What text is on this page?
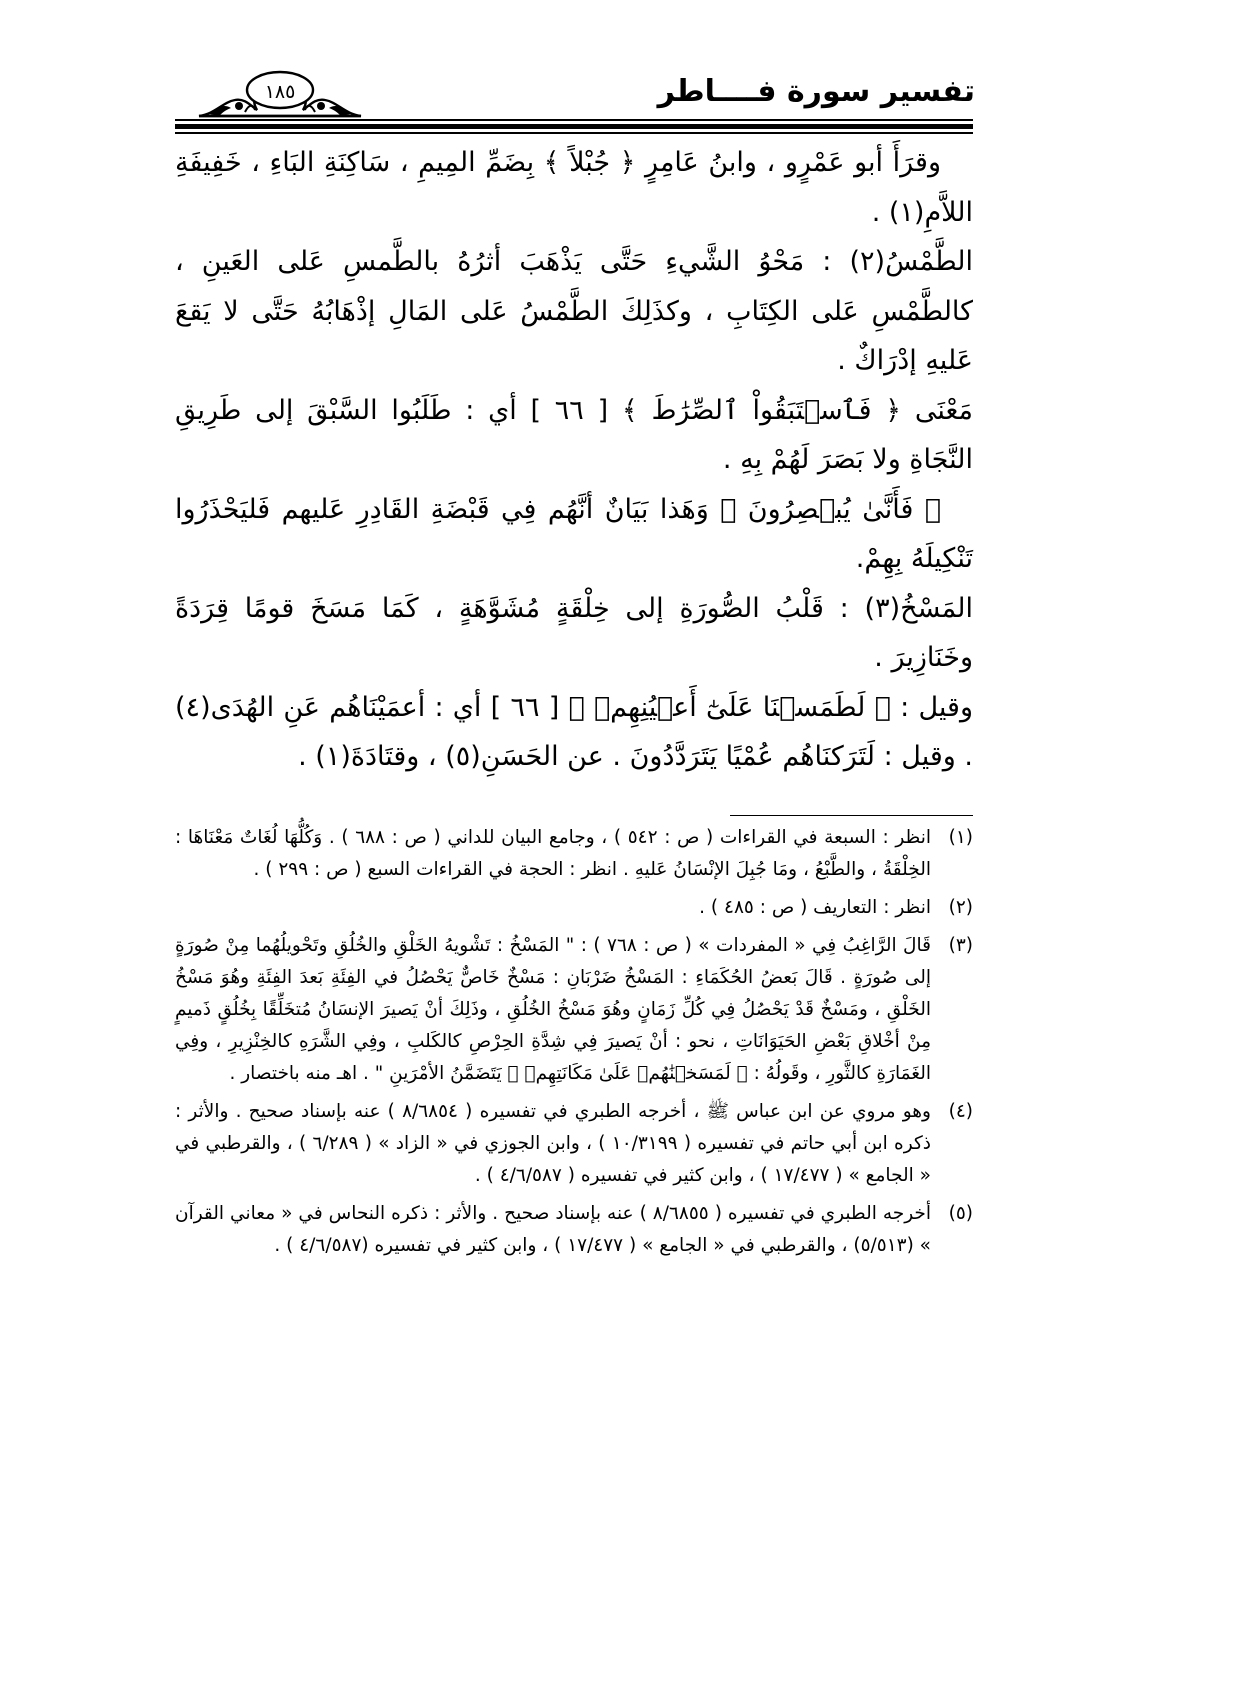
تفسير سورة فــــاطر
١٨٥

وقرَأَ أبو عَمْرٍو ، وابنُ عَامِرٍ ﴿ جُبْلاً ﴾ بِضَمِّ المِيمِ ، سَاكِنَةِ البَاءِ ، خَفِيفَةِ اللاَّمِ(١) .

الطَّمْسُ(٢) : مَحْوُ الشَّيءِ حَتَّى يَذْهَبَ أثرُهُ بالطَّمسِ عَلى العَينِ ، كالطَّمْسِ عَلى الكِتَابِ ، وكذَلِكَ الطَّمْسُ عَلى المَالِ إذْهَابُهُ حَتَّى لا يَقعَ عَليهِ إدْرَاكٌ .

مَعْنَى ﴿ فَٱسۡتَبَقُواْ ٱلصِّرَٰطَ ﴾ [ ٦٦ ] أي : طَلَبُوا السَّبْقَ إلى طَرِيقِ النَّجَاةِ ولا بَصَرَ لَهُمْ بِهِ .

﴿ فَأَنَّىٰ يُبۡصِرُونَ ﴾ وَهَذا بَيَانٌ أنَّهُم فِي قَبْضَةِ القَادِرِ عَليهم فَليَحْذَرُوا تَنْكِيلَهُ بِهِمْ.

المَسْخُ(٣) : قَلْبُ الصُّورَةِ إلى خِلْقَةٍ مُشَوَّهَةٍ ، كَمَا مَسَخَ قومًا قِرَدَةً وخَنَازِيرَ .

وقيل : ﴿ لَطَمَسۡنَا عَلَىٰٓ أَعۡيُنِهِمۡ ﴾ [ ٦٦ ] أي : أعمَيْنَاهُم عَنِ الهُدَى(٤) . وقيل : لَتَرَكنَاهُم عُمْيًا يَتَرَدَّدُونَ . عن الحَسَنِ(٥) ، وقتَادَةَ(١) .

(١)
انظر : السبعة في القراءات ( ص : ٥٤٢ ) ، وجامع البيان للداني ( ص : ٦٨٨ ) . وَكُلُّهَا لُغَاتٌ مَعْنَاهَا : الخِلْقَةُ ، والطَّبْعُ ، ومَا جُبِلَ الإنْسَانُ عَليهِ . انظر : الحجة في القراءات السبع ( ص : ٢٩٩ ) .
(٢)
انظر : التعاريف ( ص : ٤٨٥ ) .
(٣)
قَالَ الرَّاغِبُ فِي « المفردات » ( ص : ٧٦٨ ) : " المَسْخُ : تَشْويهُ الخَلْقِ والخُلُقِ وتَحْويلُهُما مِنْ صُورَةٍ إلى صُورَةٍ . قَالَ بَعضُ الحُكَمَاءِ : المَسْخُ ضَرْبَانِ : مَسْخٌ خَاصٌّ يَحْصُلُ في الفِئَةِ بَعدَ الفِئَةِ وهُوَ مَسْخُ الخَلْقِ ، ومَسْخٌ قَدْ يَحْصُلُ فِي كُلِّ زَمَانٍ وهُوَ مَسْخُ الخُلُقِ ، وذَلِكَ أنْ يَصيرَ الإنسَانُ مُتخَلِّقًا بِخُلُقٍ ذَميمٍ مِنْ أخْلاقِ بَعْضِ الحَيَوَانَاتِ ، نحو : أنْ يَصيرَ فِي شِدَّةِ الحِرْصِ كالكَلبِ ، وفِي الشَّرَهِ كالخِنْزِيرِ ، وفِي الغَمَارَةِ كالثَّورِ ، وقَولُهُ : ﴿ لَمَسَخۡنَٰهُمۡ عَلَىٰ مَكَانَتِهِمۡ ﴾ يَتَضَمَّنُ الأمْرَينِ " . اهـ منه باختصار .
(٤)
وهو مروي عن ابن عباس ﷺ ، أخرجه الطبري في تفسيره ( ٨/٦٨٥٤ ) عنه بإسناد صحيح . والأثر : ذكره ابن أبي حاتم في تفسيره ( ١٠/٣١٩٩ ) ، وابن الجوزي في « الزاد » ( ٦/٢٨٩ ) ، والقرطبي في « الجامع » ( ١٧/٤٧٧ ) ، وابن كثير في تفسيره ( ٤/٦/٥٨٧ ) .
(٥)
أخرجه الطبري في تفسيره ( ٨/٦٨٥٥ ) عنه بإسناد صحيح . والأثر : ذكره النحاس في « معاني القرآن » (٥/٥١٣) ، والقرطبي في « الجامع » ( ١٧/٤٧٧ ) ، وابن كثير في تفسيره (٤/٦/٥٨٧ ) .
